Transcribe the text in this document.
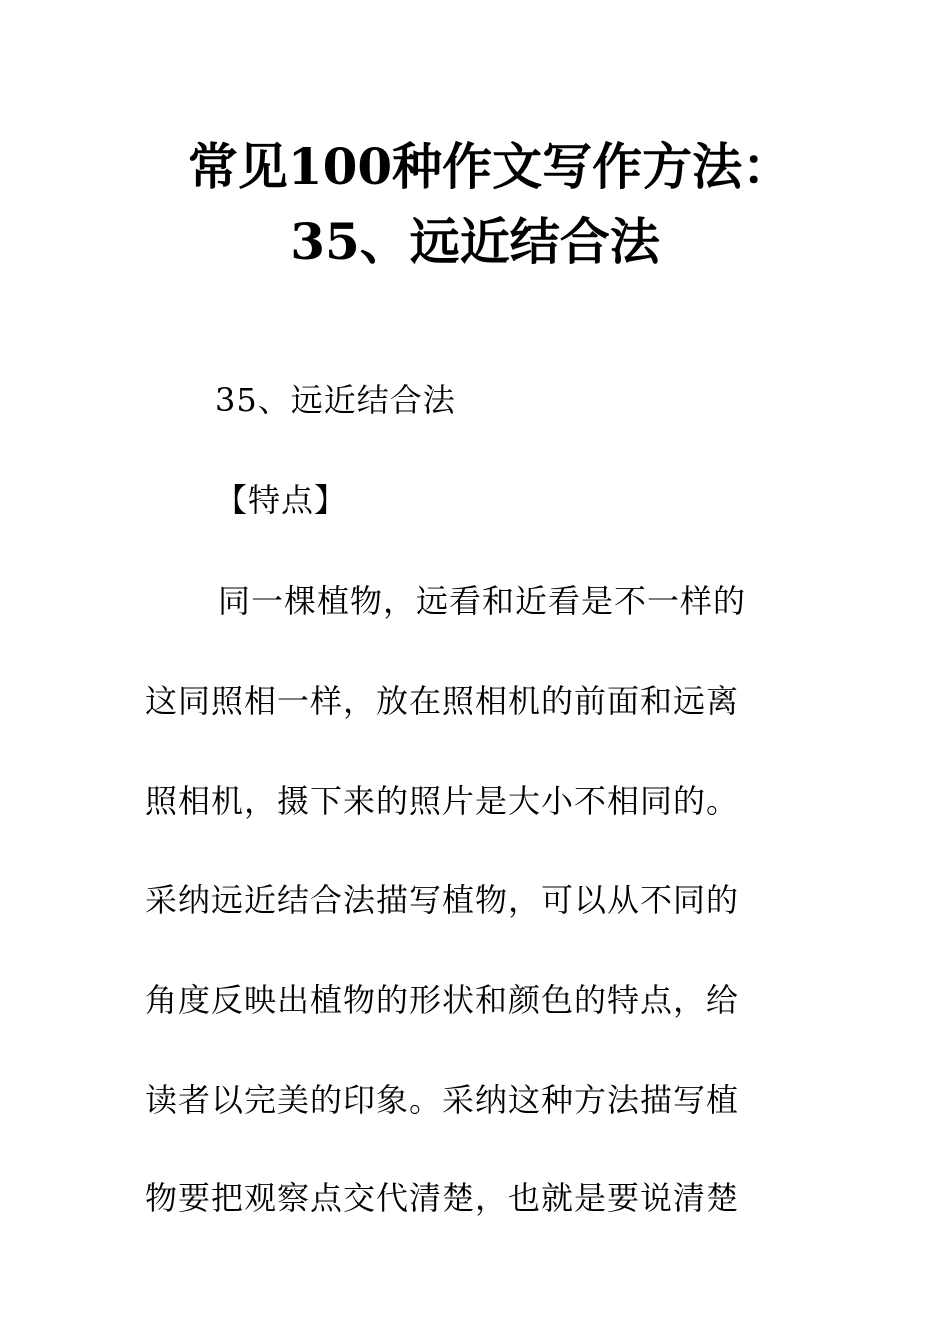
常见100种作文写作方法：
35、远近结合法

35、远近结合法

【特点】

同一棵植物，远看和近看是不一样的

这同照相一样，放在照相机的前面和远离

照相机，摄下来的照片是大小不相同的。

采纳远近结合法描写植物，可以从不同的

角度反映出植物的形状和颜色的特点，给

读者以完美的印象。采纳这种方法描写植

物要把观察点交代清楚，也就是要说清楚
